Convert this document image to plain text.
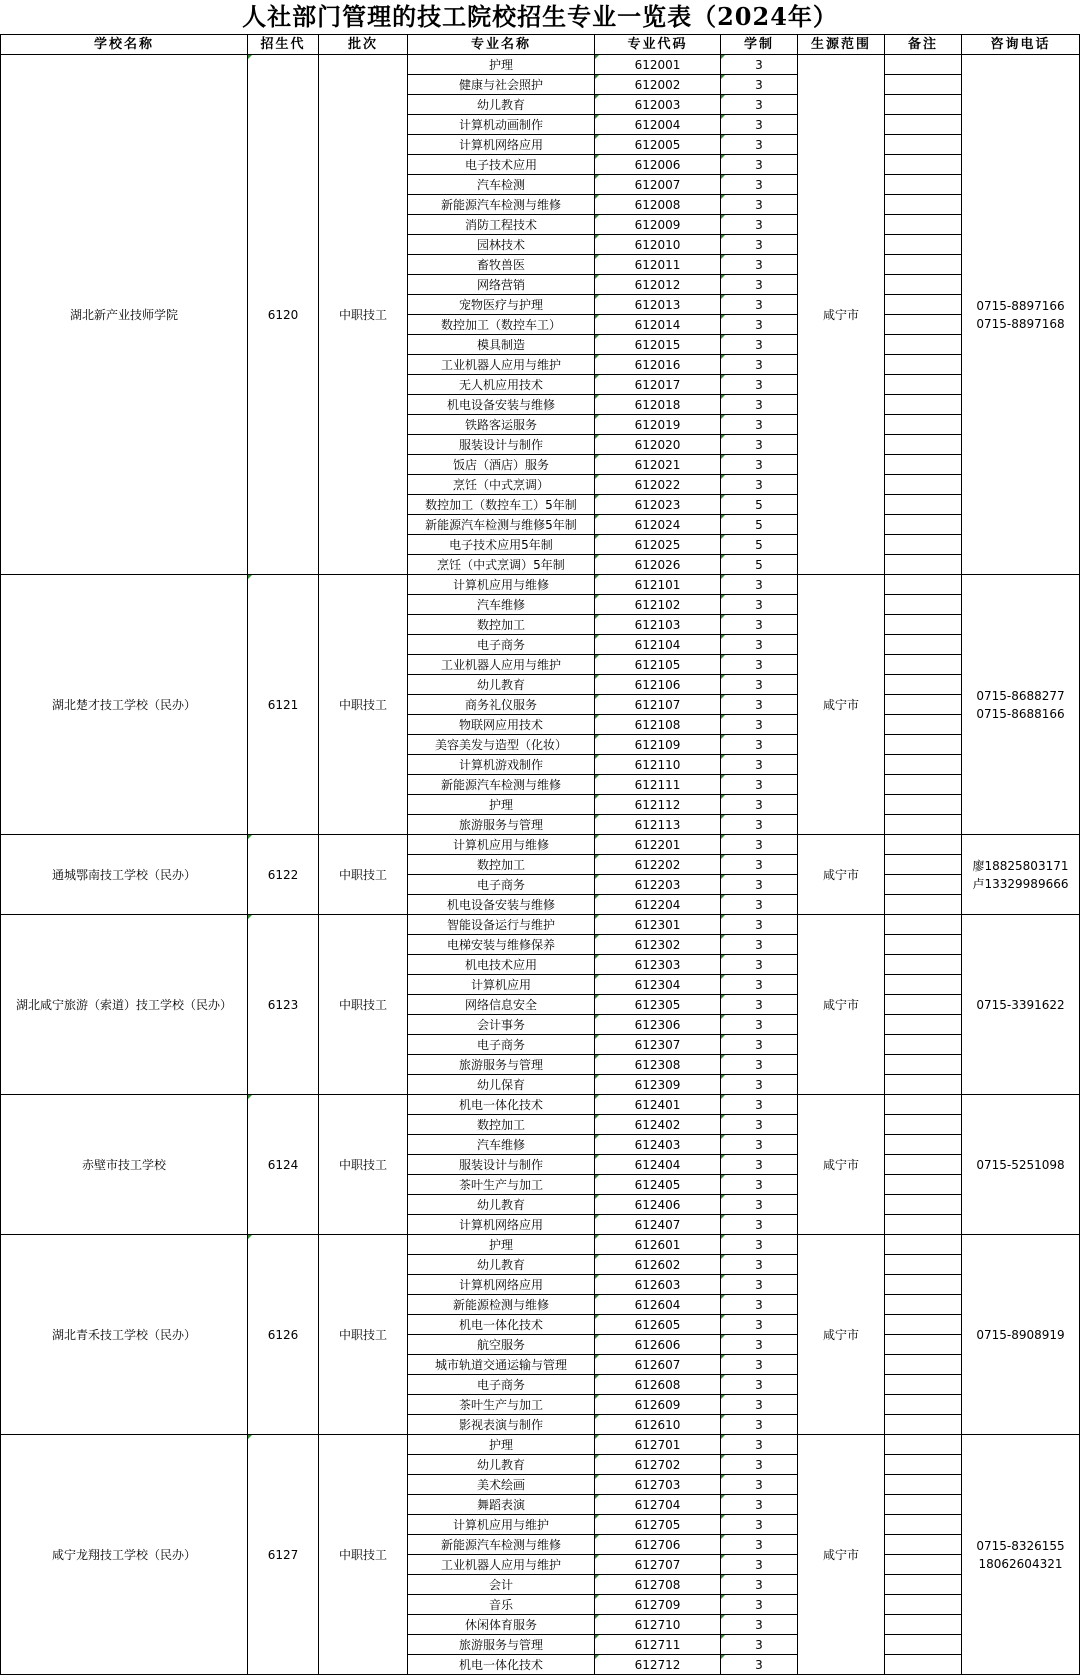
人社部门管理的技工院校招生专业一览表（2024年）
学校名称	招生代	批次	专业名称	专业代码	学制	生源范围	备注	咨询电话
湖北新产业技师学院	6120	中职技工	护理	612001	3	咸宁市		0715-8897166
0715-8897168

			健康与社会照护	612002	3			
			幼儿教育	612003	3			
			计算机动画制作	612004	3			
			计算机网络应用	612005	3			
			电子技术应用	612006	3			
			汽车检测	612007	3			
			新能源汽车检测与维修	612008	3			
			消防工程技术	612009	3			
			园林技术	612010	3			
			畜牧兽医	612011	3			
			网络营销	612012	3			
			宠物医疗与护理	612013	3			
			数控加工（数控车工）	612014	3			
			模具制造	612015	3			
			工业机器人应用与维护	612016	3			
			无人机应用技术	612017	3			
			机电设备安装与维修	612018	3			
			铁路客运服务	612019	3			
			服装设计与制作	612020	3			
			饭店（酒店）服务	612021	3			
			烹饪（中式烹调）	612022	3			
			数控加工（数控车工）5年制	612023	5			
			新能源汽车检测与维修5年制	612024	5			
			电子技术应用5年制	612025	5			
			烹饪（中式烹调）5年制	612026	5			
湖北楚才技工学校（民办）	6121	中职技工	计算机应用与维修	612101	3	咸宁市		0715-8688277
0715-8688166

			汽车维修	612102	3			
			数控加工	612103	3			
			电子商务	612104	3			
			工业机器人应用与维护	612105	3			
			幼儿教育	612106	3			
			商务礼仪服务	612107	3			
			物联网应用技术	612108	3			
			美容美发与造型（化妆）	612109	3			
			计算机游戏制作	612110	3			
			新能源汽车检测与维修	612111	3			
			护理	612112	3			
			旅游服务与管理	612113	3			
通城鄂南技工学校（民办）	6122	中职技工	计算机应用与维修	612201	3	咸宁市		廖18825803171
卢13329989666

			数控加工	612202	3			
			电子商务	612203	3			
			机电设备安装与维修	612204	3			
湖北咸宁旅游（索道）技工学校（民办）	6123	中职技工	智能设备运行与维护	612301	3	咸宁市		0715-3391622

			电梯安装与维修保养	612302	3			
			机电技术应用	612303	3			
			计算机应用	612304	3			
			网络信息安全	612305	3			
			会计事务	612306	3			
			电子商务	612307	3			
			旅游服务与管理	612308	3			
			幼儿保育	612309	3			
赤壁市技工学校	6124	中职技工	机电一体化技术	612401	3	咸宁市		0715-5251098

			数控加工	612402	3			
			汽车维修	612403	3			
			服装设计与制作	612404	3			
			茶叶生产与加工	612405	3			
			幼儿教育	612406	3			
			计算机网络应用	612407	3			
湖北青禾技工学校（民办）	6126	中职技工	护理	612601	3	咸宁市		0715-8908919

			幼儿教育	612602	3			
			计算机网络应用	612603	3			
			新能源检测与维修	612604	3			
			机电一体化技术	612605	3			
			航空服务	612606	3			
			城市轨道交通运输与管理	612607	3			
			电子商务	612608	3			
			茶叶生产与加工	612609	3			
			影视表演与制作	612610	3			
咸宁龙翔技工学校（民办）	6127	中职技工	护理	612701	3	咸宁市		0715-8326155
18062604321

			幼儿教育	612702	3			
			美术绘画	612703	3			
			舞蹈表演	612704	3			
			计算机应用与维护	612705	3			
			新能源汽车检测与维修	612706	3			
			工业机器人应用与维护	612707	3			
			会计	612708	3			
			音乐	612709	3			
			休闲体育服务	612710	3			
			旅游服务与管理	612711	3			
			机电一体化技术	612712	3			
